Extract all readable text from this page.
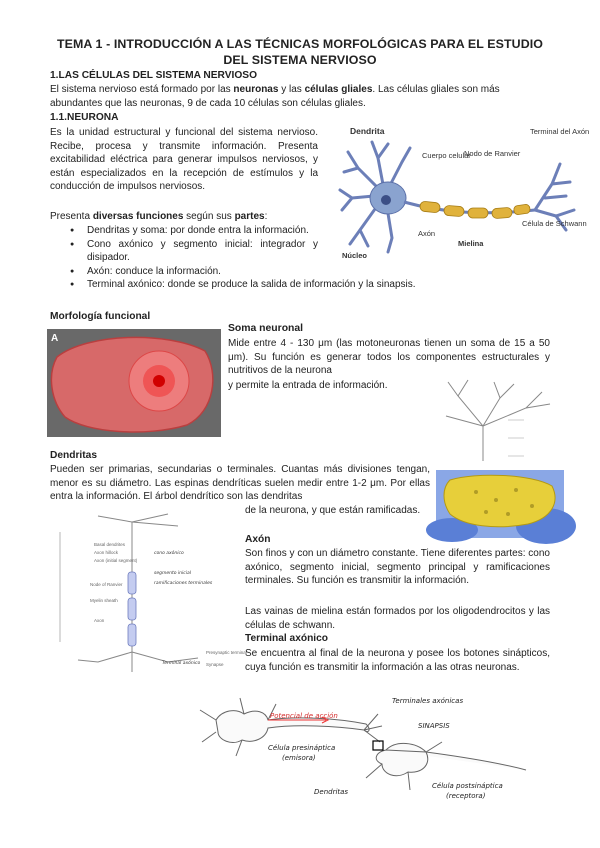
TEMA 1 - INTRODUCCIÓN A LAS TÉCNICAS MORFOLÓGICAS PARA EL ESTUDIO
DEL SISTEMA NERVIOSO
1.LAS CÉLULAS DEL SISTEMA NERVIOSO
El sistema nervioso está formado por las neuronas y las células gliales. Las células gliales son más abundantes que las neuronas, 9 de cada 10 células son células gliales.
1.1.NEURONA
Es la unidad estructural y funcional del sistema nervioso. Recibe, procesa y transmite información. Presenta excitabilidad eléctrica para generar impulsos nerviosos, y están especializados en la recepción de estímulos y la conducción de impulsos nerviosos.
Presenta diversas funciones según sus partes:
● Dendritas y soma: por donde entra la información.
● Cono axónico y segmento inicial: integrador y disipador.
● Axón: conduce la información.
● Terminal axónico: donde se produce la salida de información y la sinapsis.
Dendrita
Cuerpo celular
Nodo de Ranvier
Terminal del Axón
Axón
Núcleo
Mielina
Célula de Schwann
Morfología funcional
A
Soma neuronal
Mide entre 4 - 130 μm (las motoneuronas tienen un soma de 15 a 50 μm). Su función es generar todos los componentes estructurales y nutritivos de la neurona
y permite la entrada de información.
Dendritas
Pueden ser primarias, secundarias o terminales. Cuantas más divisiones tengan, menor es su diámetro. Las espinas dendríticas suelen medir entre 1-2 μm. Por ellas entra la información. El árbol dendrítico son las dendritas
de la neurona, y que están ramificadas.
Basal dendrites
Axon hillock
Axon (initial segment)
Node of Ranvier
Myelin sheath
Axon
Presynaptic terminal
Synapse
cono axónico
segmento inicial
ramificaciones terminales
Terminal axónico
Axón
Son finos y con un diámetro constante. Tiene diferentes partes: cono axónico, segmento inicial, segmento principal y ramificaciones terminales. Su función es transmitir la información.
Las vainas de mielina están formados por los oligodendrocitos y las células de schwann.
Terminal axónico
Se encuentra al final de la neurona y posee los botones sinápticos, cuya función es transmitir la información a las otras neuronas.
Potencial de acción
Terminales axónicas
SINAPSIS
Célula presináptica
(emisora)
Dendritas
Célula postsináptica
(receptora)
